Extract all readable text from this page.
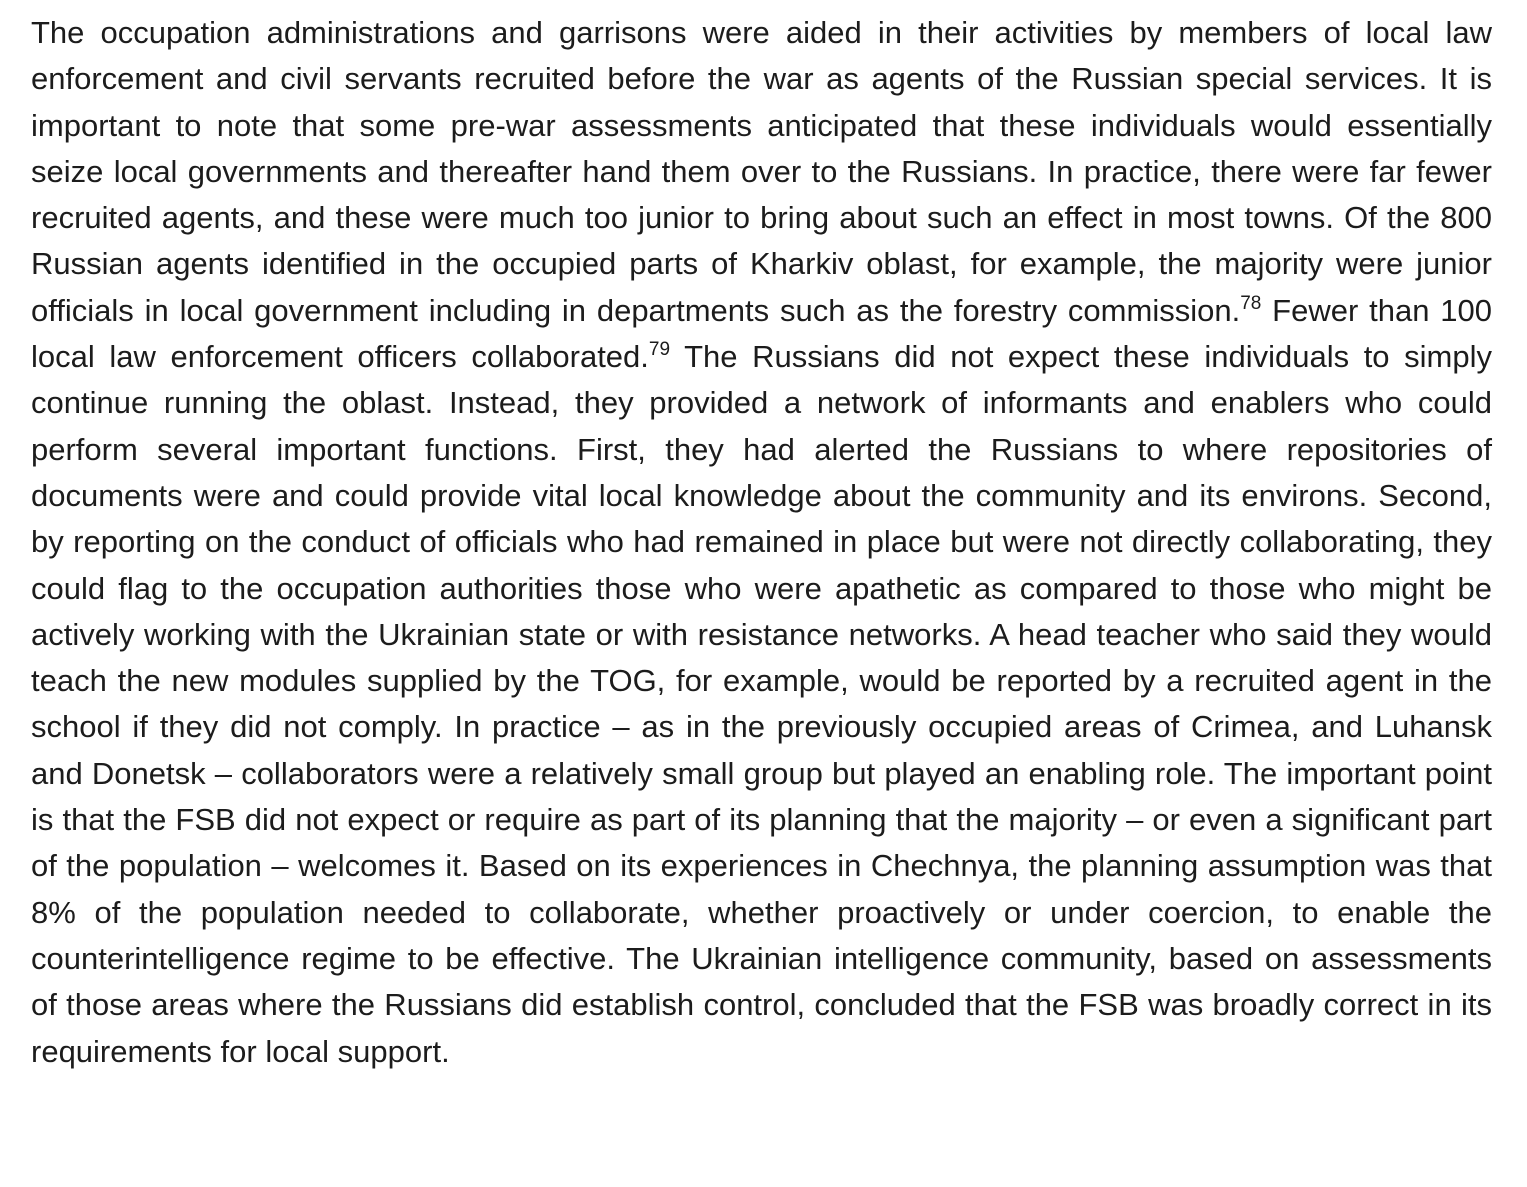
The occupation administrations and garrisons were aided in their activities by members of local law enforcement and civil servants recruited before the war as agents of the Russian special services. It is important to note that some pre-war assessments anticipated that these individuals would essentially seize local governments and thereafter hand them over to the Russians. In practice, there were far fewer recruited agents, and these were much too junior to bring about such an effect in most towns. Of the 800 Russian agents identified in the occupied parts of Kharkiv oblast, for example, the majority were junior officials in local government including in departments such as the forestry commission.$^{78}$ Fewer than 100 local law enforcement officers collaborated.$^{79}$ The Russians did not expect these individuals to simply continue running the oblast. Instead, they provided a network of informants and enablers who could perform several important functions. First, they had alerted the Russians to where repositories of documents were and could provide vital local knowledge about the community and its environs. Second, by reporting on the conduct of officials who had remained in place but were not directly collaborating, they could flag to the occupation authorities those who were apathetic as compared to those who might be actively working with the Ukrainian state or with resistance networks. A head teacher who said they would teach the new modules supplied by the TOG, for example, would be reported by a recruited agent in the school if they did not comply. In practice – as in the previously occupied areas of Crimea, and Luhansk and Donetsk – collaborators were a relatively small group but played an enabling role. The important point is that the FSB did not expect or require as part of its planning that the majority – or even a significant part of the population – welcomes it. Based on its experiences in Chechnya, the planning assumption was that 8% of the population needed to collaborate, whether proactively or under coercion, to enable the counterintelligence regime to be effective. The Ukrainian intelligence community, based on assessments of those areas where the Russians did establish control, concluded that the FSB was broadly correct in its requirements for local support.
